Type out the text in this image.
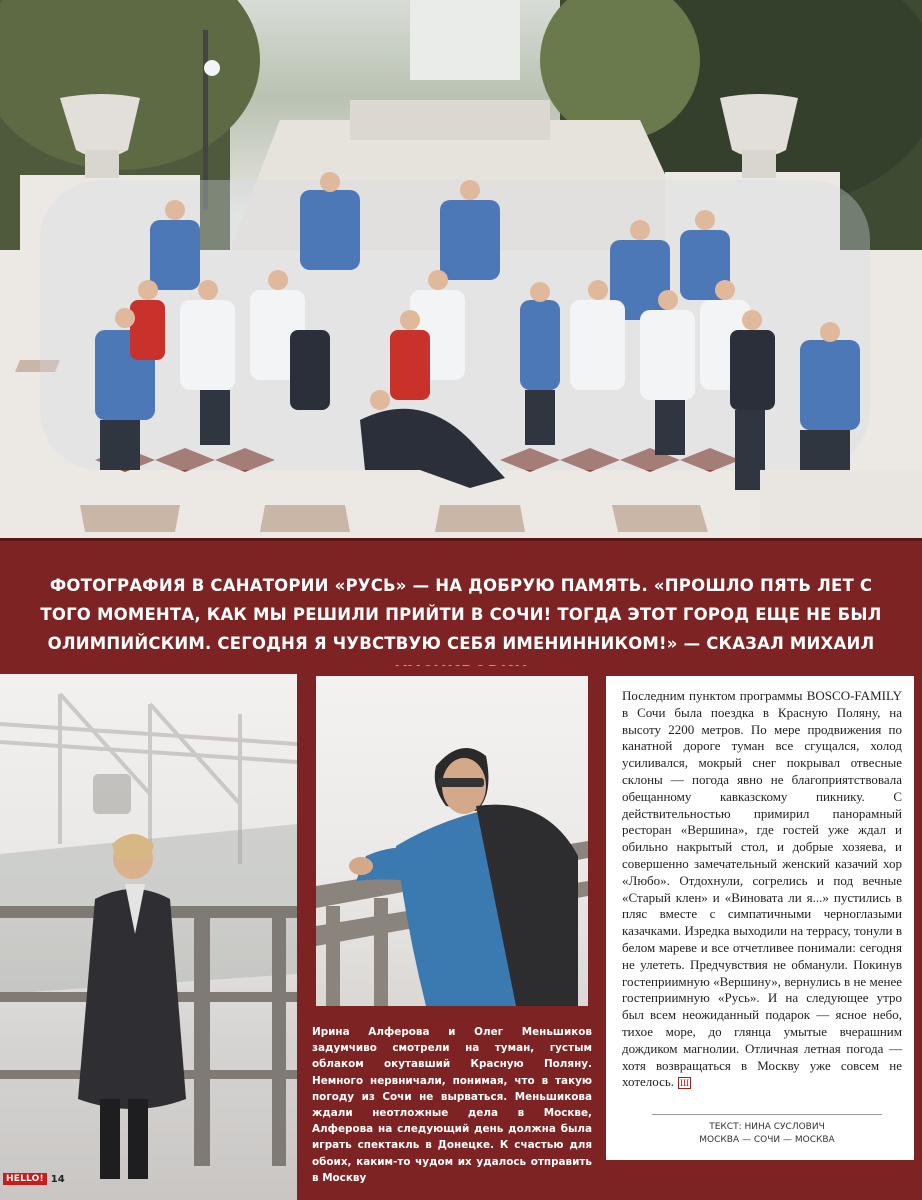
ФОТОГРАФИЯ В САНАТОРИИ «РУСЬ» — НА ДОБРУЮ ПАМЯТЬ. «ПРОШЛО ПЯТЬ ЛЕТ С ТОГО МОМЕНТА, КАК МЫ РЕШИЛИ ПРИЙТИ В СОЧИ! ТОГДА ЭТОТ ГОРОД ЕЩЕ НЕ БЫЛ ОЛИМПИЙСКИМ. СЕГОДНЯ Я ЧУВСТВУЮ СЕБЯ ИМЕНИННИКОМ!» — СКАЗАЛ МИХАИЛ
Ирина Алферова и Олег Меньшиков задумчиво смотрели на туман, густым облаком окутавший Красную Поляну. Немного нервничали, понимая, что в такую погоду из Сочи не вырваться. Меньшикова ждали неотложные дела в Москве, Алферова на следующий день должна была играть спектакль в Донецке. К счастью для обоих, каким-то чудом их удалось отправить в Москву
Последним пунктом программы BOSCO-FAMILY в Сочи была поездка в Красную Поляну, на высоту 2200 метров. По мере продвижения по канатной дороге туман все сгущался, холод усиливался, мокрый снег покрывал отвесные склоны — погода явно не благоприятствовала обещанному кавказскому пикнику. С действительностью примирил панорамный ресторан «Вершина», где гостей уже ждал и обильно накрытый стол, и добрые хозяева, и совершенно замечательный женский казачий хор «Любо». Отдохнули, согрелись и под вечные «Старый клен» и «Виновата ли я...» пустились в пляс вместе с симпатичными черноглазыми казачками. Изредка выходили на террасу, тонули в белом мареве и все отчетливее понимали: сегодня не улететь. Предчувствия не обманули. Покинув гостеприимную «Вершину», вернулись в не менее гостеприимную «Русь». И на следующее утро был всем неожиданный подарок — ясное небо, тихое море, до глянца умытые вчерашним дождиком магнолии. Отличная летная погода — хотя возвращаться в Москву уже совсем не хотелось. Ш
ТЕКСТ: НИНА СУСЛОВИЧ
МОСКВА — СОЧИ — МОСКВА
HELLO! 14
